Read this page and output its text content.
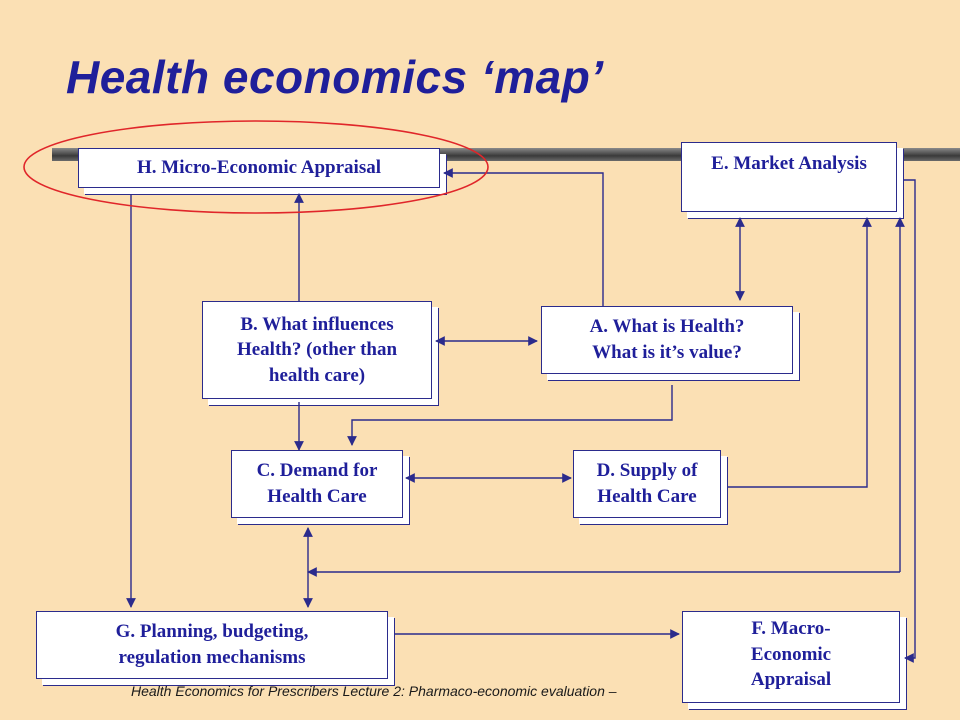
Health economics ‘map’
H. Micro-Economic Appraisal	E. Market Analysis
B. What influences
Health? (other than
health care)
A. What is Health?
What is it’s value?
C. Demand for
Health Care
D. Supply of
Health Care
G. Planning, budgeting,
regulation mechanisms
F. Macro-
Economic
Appraisal
Health Economics for Prescribers Lecture 2: Pharmaco-economic evaluation –
